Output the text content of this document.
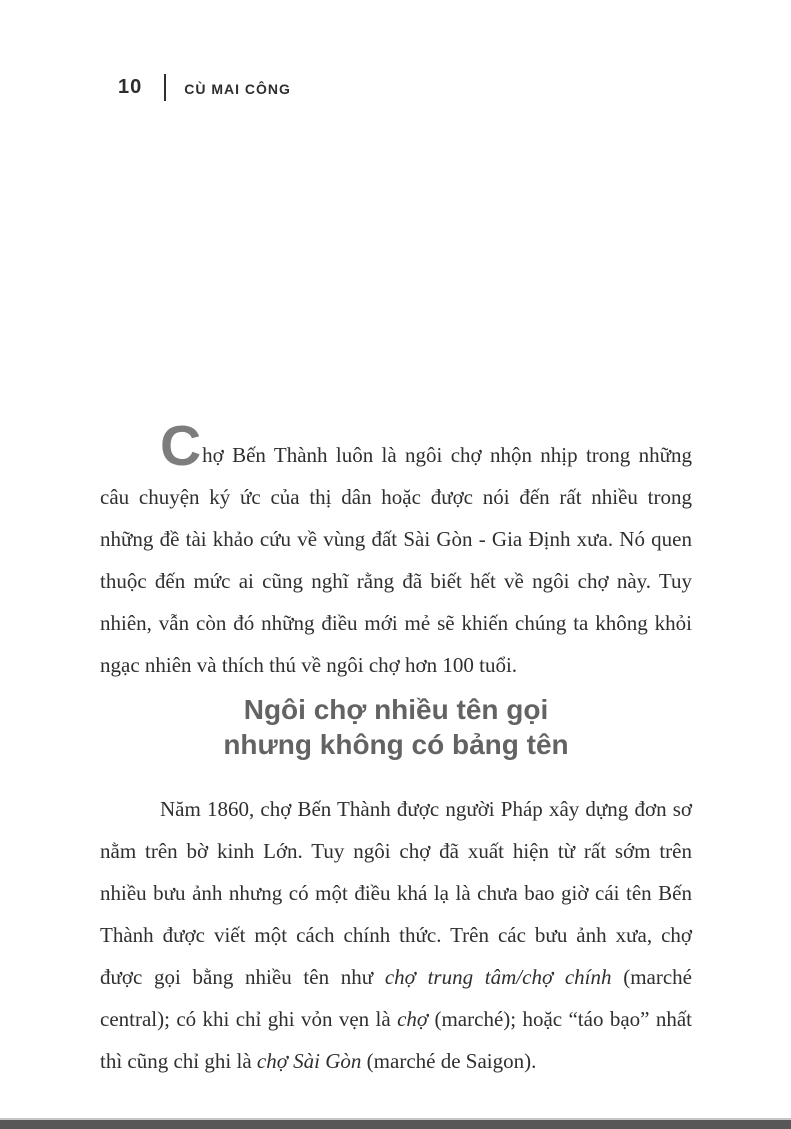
10	CÙ MAI CÔNG

Chợ Bến Thành luôn là ngôi chợ nhộn nhịp trong những câu chuyện ký ức của thị dân hoặc được nói đến rất nhiều trong những đề tài khảo cứu về vùng đất Sài Gòn - Gia Định xưa. Nó quen thuộc đến mức ai cũng nghĩ rằng đã biết hết về ngôi chợ này. Tuy nhiên, vẫn còn đó những điều mới mẻ sẽ khiến chúng ta không khỏi ngạc nhiên và thích thú về ngôi chợ hơn 100 tuổi.

Ngôi chợ nhiều tên gọi
nhưng không có bảng tên

Năm 1860, chợ Bến Thành được người Pháp xây dựng đơn sơ nằm trên bờ kinh Lớn. Tuy ngôi chợ đã xuất hiện từ rất sớm trên nhiều bưu ảnh nhưng có một điều khá lạ là chưa bao giờ cái tên Bến Thành được viết một cách chính thức. Trên các bưu ảnh xưa, chợ được gọi bằng nhiều tên như chợ trung tâm/chợ chính (marché central); có khi chỉ ghi vỏn vẹn là chợ (marché); hoặc “táo bạo” nhất thì cũng chỉ ghi là chợ Sài Gòn (marché de Saigon).
